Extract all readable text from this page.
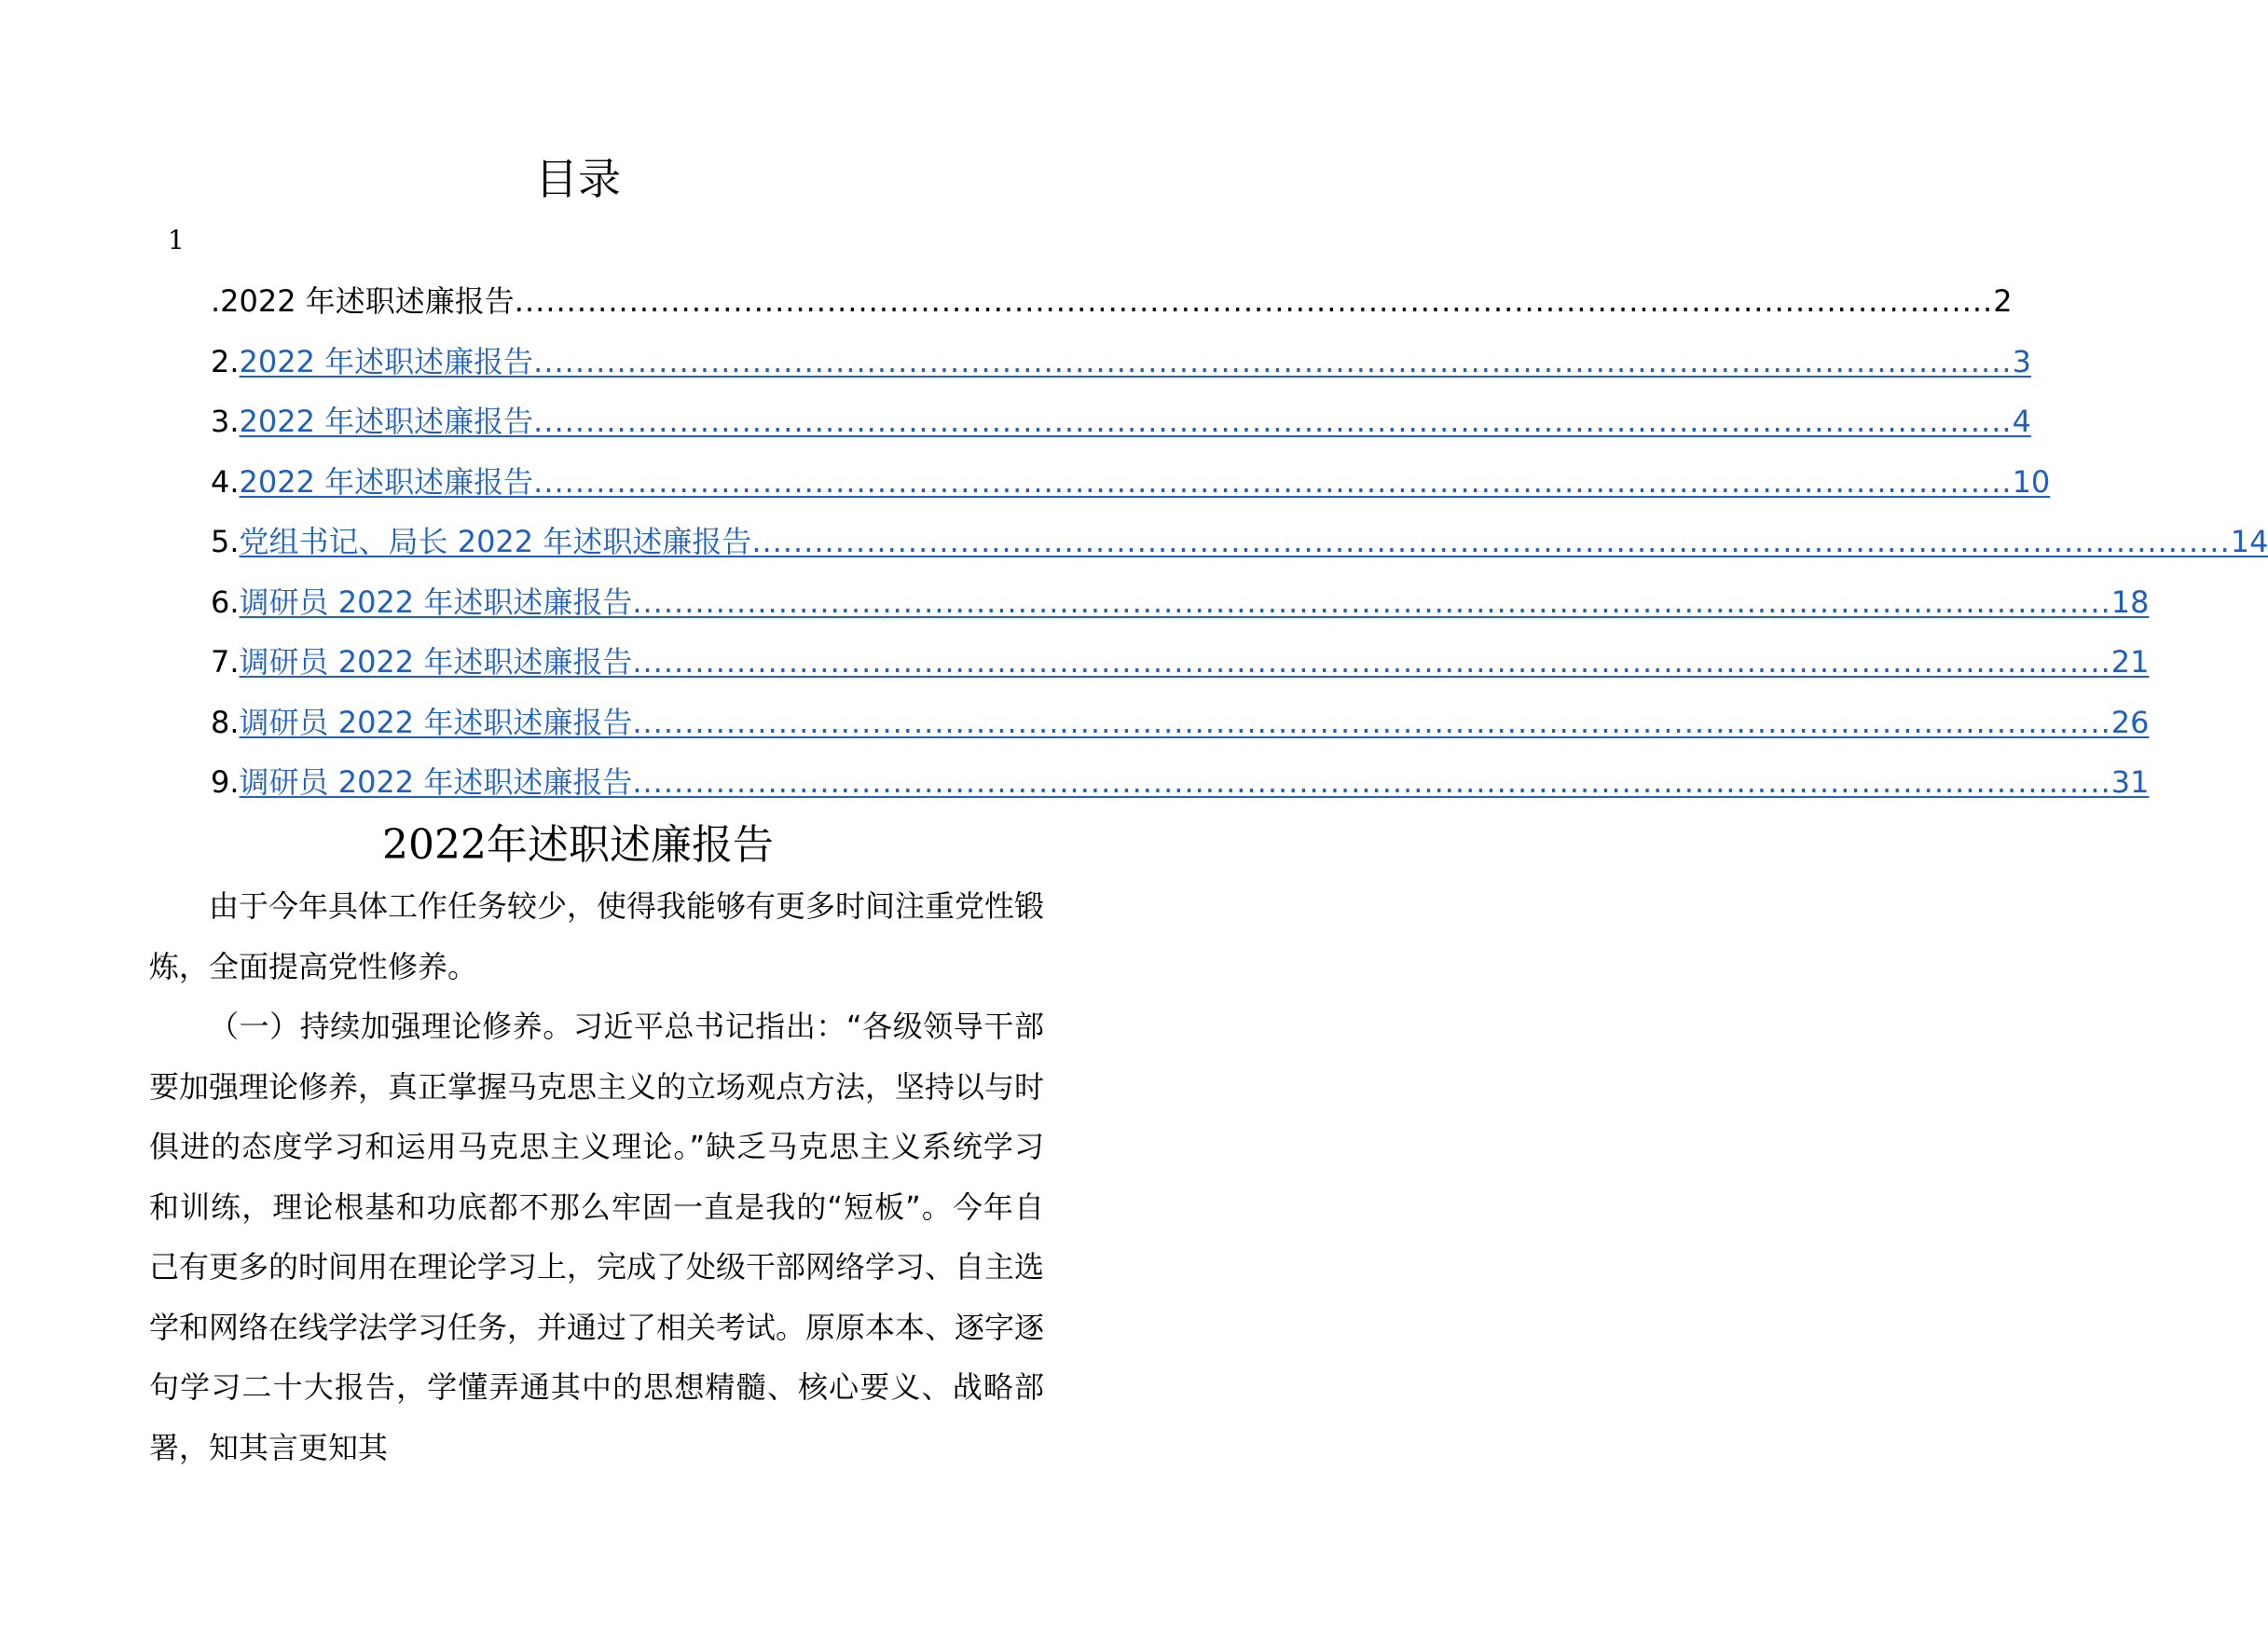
目录
1
.2022 年述职述廉报告 .....	2
2. 2022 年述职述廉报告 .....	3
3. 2022 年述职述廉报告 .....	4
4. 2022 年述职述廉报告 .....	10
5. 党组书记、局长 2022 年述职述廉报告 .....	14
6. 调研员 2022 年述职述廉报告 .....	18
7. 调研员 2022 年述职述廉报告 .....	21
8. 调研员 2022 年述职述廉报告 .....	26
9. 调研员 2022 年述职述廉报告 .....	31
2022年述职述廉报告

由于今年具体工作任务较少，使得我能够有更多时间注重党性锻炼，全面提高党性修养。

（一）持续加强理论修养。习近平总书记指出：“各级领导干部要加强理论修养，真正掌握马克思主义的立场观点方法，坚持以与时俱进的态度学习和运用马克思主义理论。”缺乏马克思主义系统学习和训练，理论根基和功底都不那么牢固一直是我的“短板”。今年自己有更多的时间用在理论学习上，完成了处级干部网络学习、自主选学和网络在线学法学习任务，并通过了相关考试。原原本本、逐字逐句学习二十大报告，学懂弄通其中的思想精髓、核心要义、战略部署，知其言更知其
